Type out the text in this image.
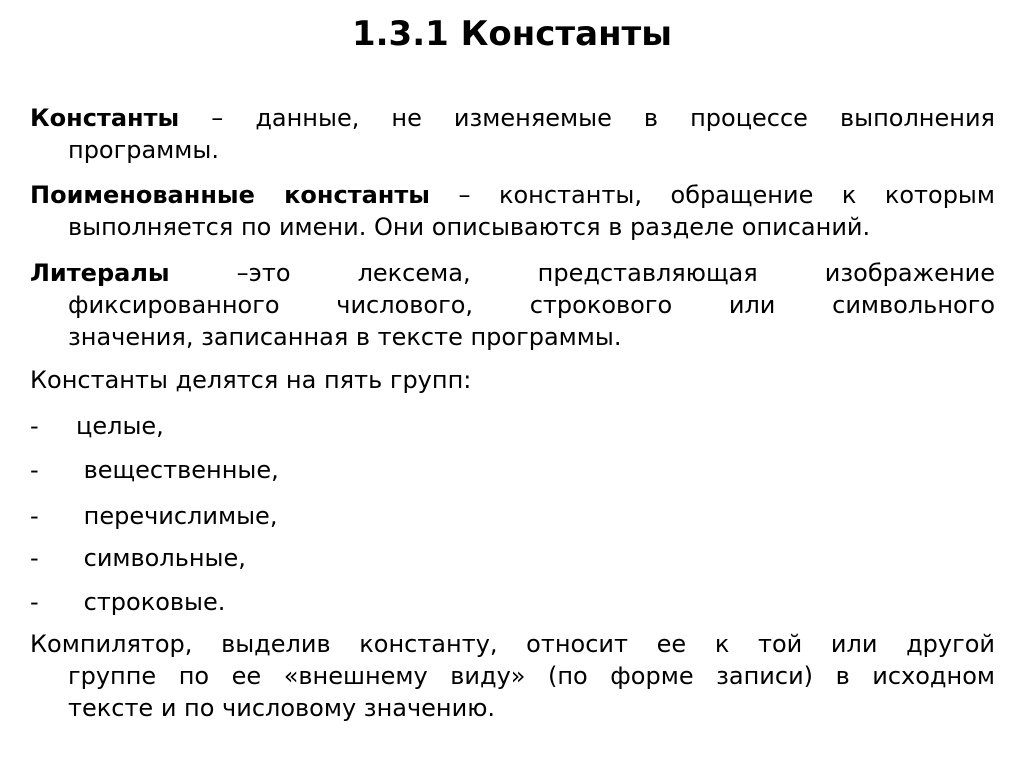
1.3.1 Константы
Константы – данные, не изменяемые в процессе выполнения
программы.
Поименованные константы – константы, обращение к которым
выполняется по имени. Они описываются в разделе описаний.
Литералы –это лексема, представляющая изображение
фиксированного числового, строкового или символьного
значения, записанная в тексте программы.
Константы делятся на пять групп:
- целые,
- вещественные,
- перечислимые,
- символьные,
- строковые.
Компилятор, выделив константу, относит ее к той или другой
группе по ее «внешнему виду» (по форме записи) в исходном
тексте и по числовому значению.
